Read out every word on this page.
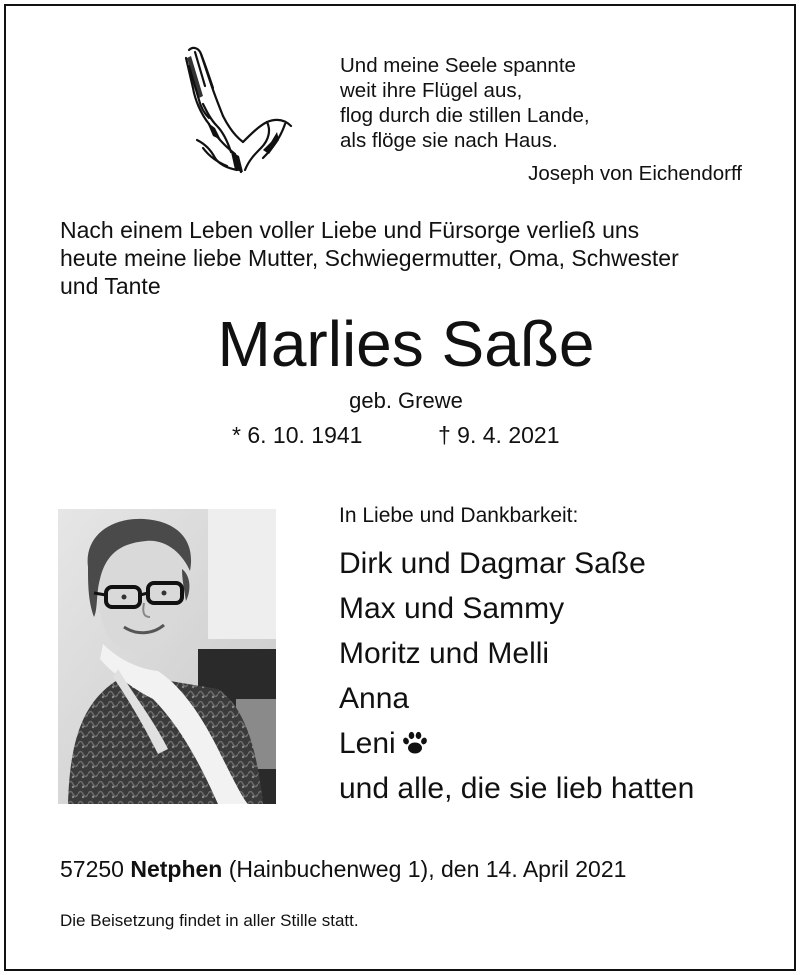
Und meine Seele spannte
weit ihre Flügel aus,
flog durch die stillen Lande,
als flöge sie nach Haus.
Joseph von Eichendorff
Nach einem Leben voller Liebe und Fürsorge verließ uns
heute meine liebe Mutter, Schwiegermutter, Oma, Schwester
und Tante
Marlies Saße
geb. Grewe
* 6. 10. 1941	† 9. 4. 2021
In Liebe und Dankbarkeit:
Dirk und Dagmar Saße
Max und Sammy
Moritz und Melli
Anna
Leni
und alle, die sie lieb hatten
57250 Netphen (Hainbuchenweg 1), den 14. April 2021
Die Beisetzung findet in aller Stille statt.
